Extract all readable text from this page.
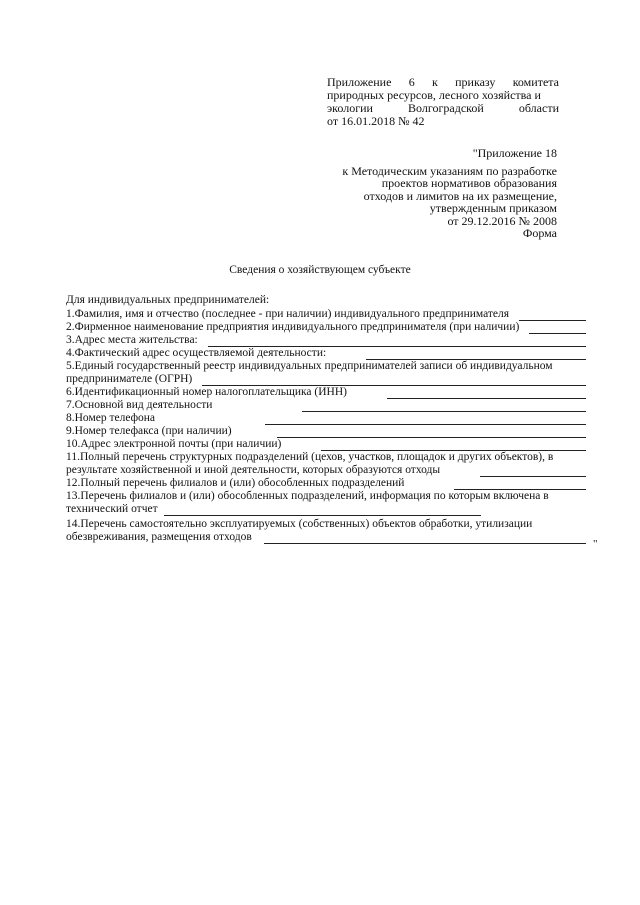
Приложение 6 к приказу комитета
природных ресурсов, лесного хозяйства и
экологии	Волгоградской	области
от 16.01.2018 № 42
"Приложение 18
к Методическим указаниям по разработке
проектов нормативов образования
отходов и лимитов на их размещение,
утвержденным приказом
от 29.12.2016 № 2008
Форма
Сведения о хозяйствующем субъекте
Для индивидуальных предпринимателей:
1.Фамилия, имя и отчество (последнее - при наличии) индивидуального предпринимателя
2.Фирменное наименование предприятия индивидуального предпринимателя (при наличии)
3.Адрес места жительства:
4.Фактический адрес осуществляемой деятельности:
5.Единый государственный реестр индивидуальных предпринимателей записи об индивидуальном
предпринимателе (ОГРН)
6.Идентификационный номер налогоплательщика (ИНН)
7.Основной вид деятельности
8.Номер телефона
9.Номер телефакса (при наличии)
10.Адрес электронной почты (при наличии)
11.Полный перечень структурных подразделений (цехов, участков, площадок и других объектов), в
результате хозяйственной и иной деятельности, которых образуются отходы
12.Полный перечень филиалов и (или) обособленных подразделений
13.Перечень филиалов и (или) обособленных подразделений, информация по которым включена в
технический отчет
14.Перечень самостоятельно эксплуатируемых (собственных) объектов обработки, утилизации
обезвреживания, размещения отходов
"
